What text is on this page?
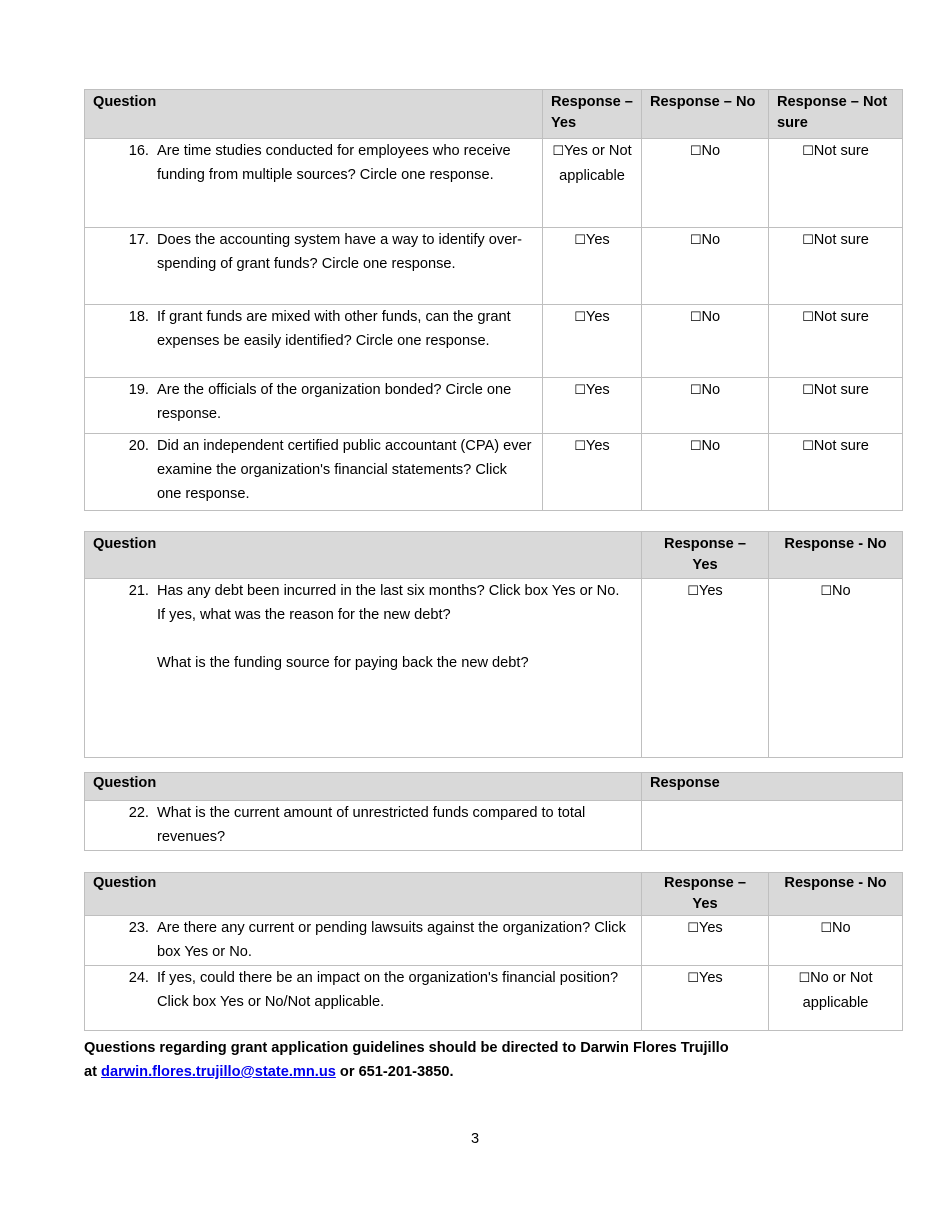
Question	Response – Yes	Response – No	Response – Not sure

16. Are time studies conducted for employees who receive funding from multiple sources? Circle one response.	☐Yes or Not applicable	☐No	☐Not sure

17. Does the accounting system have a way to identify over-spending of grant funds? Circle one response.	☐Yes	☐No	☐Not sure

18. If grant funds are mixed with other funds, can the grant expenses be easily identified? Circle one response.	☐Yes	☐No	☐Not sure

19. Are the officials of the organization bonded? Circle one response.	☐Yes	☐No	☐Not sure

20. Did an independent certified public accountant (CPA) ever examine the organization's financial statements? Click one response.	☐Yes	☐No	☐Not sure
Question	Response – Yes	Response - No

21. Has any debt been incurred in the last six months? Click box Yes or No.
If yes, what was the reason for the new debt?
What is the funding source for paying back the new debt?	☐Yes	☐No
Question	Response

22. What is the current amount of unrestricted funds compared to total revenues?	

Question	Response – Yes	Response - No

23. Are there any current or pending lawsuits against the organization? Click box Yes or No.	☐Yes	☐No

24. If yes, could there be an impact on the organization's financial position? Click box Yes or No/Not applicable.	☐Yes	☐No or Not applicable
Questions regarding grant application guidelines should be directed to Darwin Flores Trujillo
at darwin.flores.trujillo@state.mn.us or 651-201-3850.
3
